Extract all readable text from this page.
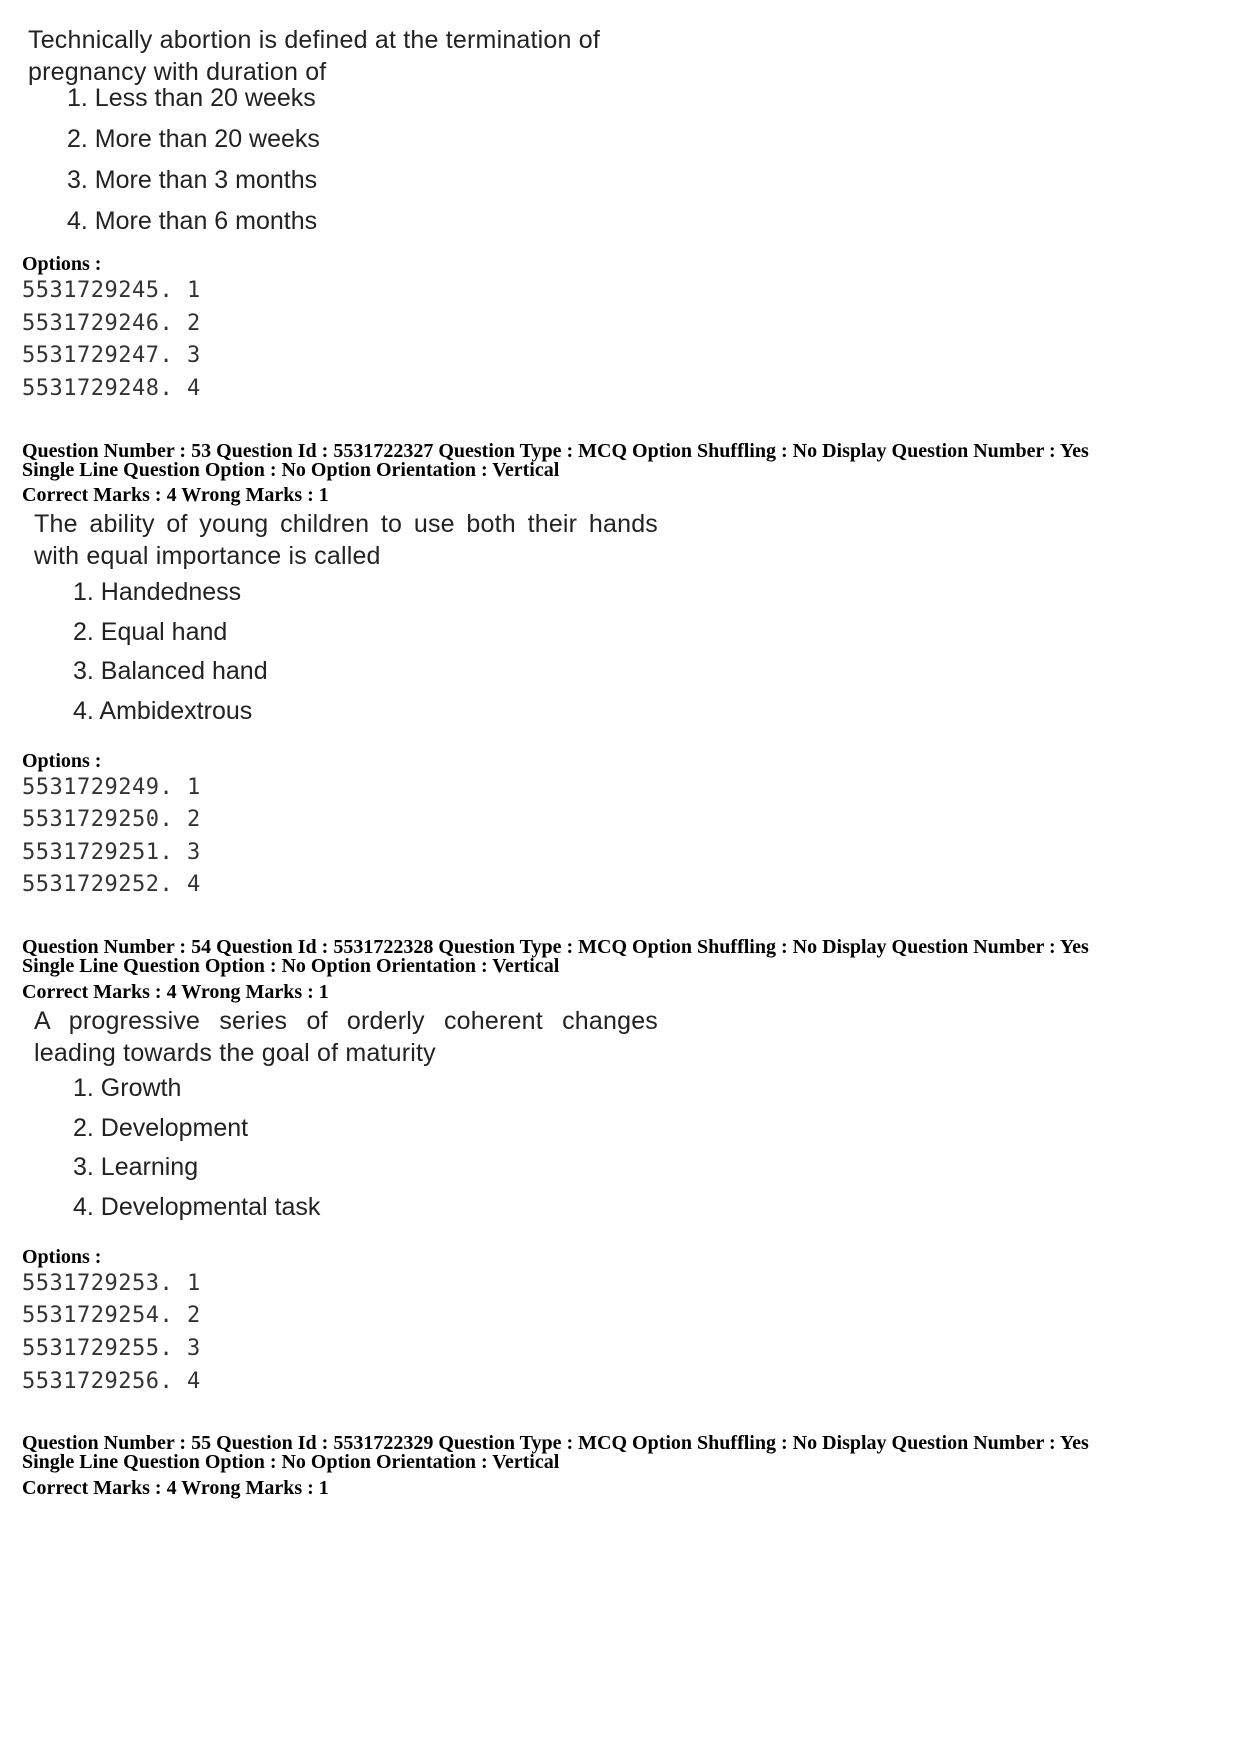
Technically abortion is defined at the termination of pregnancy with duration of
1. Less than 20 weeks
2. More than 20 weeks
3. More than 3 months
4. More than 6 months
Options :
5531729245. 1
5531729246. 2
5531729247. 3
5531729248. 4
Question Number : 53 Question Id : 5531722327 Question Type : MCQ Option Shuffling : No Display Question Number : Yes
Single Line Question Option : No Option Orientation : Vertical
Correct Marks : 4 Wrong Marks : 1
The ability of young children to use both their hands with equal importance is called
1. Handedness
2. Equal hand
3. Balanced hand
4. Ambidextrous
Options :
5531729249. 1
5531729250. 2
5531729251. 3
5531729252. 4
Question Number : 54 Question Id : 5531722328 Question Type : MCQ Option Shuffling : No Display Question Number : Yes
Single Line Question Option : No Option Orientation : Vertical
Correct Marks : 4 Wrong Marks : 1
A progressive series of orderly coherent changes leading towards the goal of maturity
1. Growth
2. Development
3. Learning
4. Developmental task
Options :
5531729253. 1
5531729254. 2
5531729255. 3
5531729256. 4
Question Number : 55 Question Id : 5531722329 Question Type : MCQ Option Shuffling : No Display Question Number : Yes
Single Line Question Option : No Option Orientation : Vertical
Correct Marks : 4 Wrong Marks : 1
